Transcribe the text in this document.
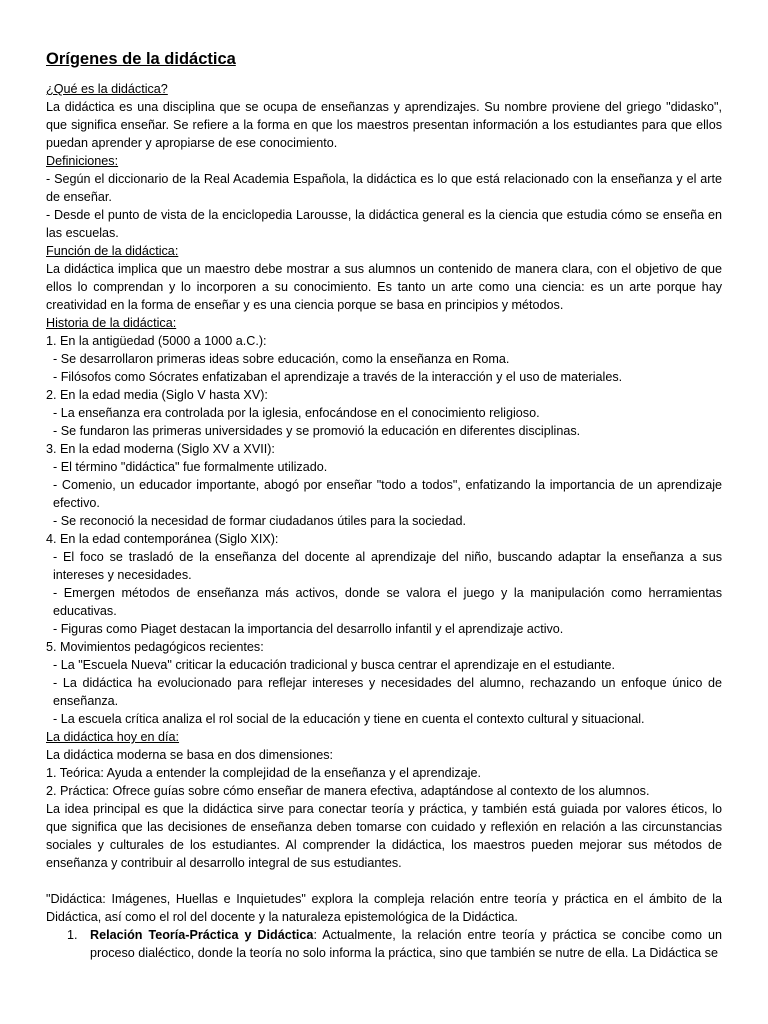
Orígenes de la didáctica

¿Qué es la didáctica?

La didáctica es una disciplina que se ocupa de enseñanzas y aprendizajes. Su nombre proviene del griego "didasko", que significa enseñar. Se refiere a la forma en que los maestros presentan información a los estudiantes para que ellos puedan aprender y apropiarse de ese conocimiento.

Definiciones:

- Según el diccionario de la Real Academia Española, la didáctica es lo que está relacionado con la enseñanza y el arte de enseñar.

- Desde el punto de vista de la enciclopedia Larousse, la didáctica general es la ciencia que estudia cómo se enseña en las escuelas.

Función de la didáctica:

La didáctica implica que un maestro debe mostrar a sus alumnos un contenido de manera clara, con el objetivo de que ellos lo comprendan y lo incorporen a su conocimiento. Es tanto un arte como una ciencia: es un arte porque hay creatividad en la forma de enseñar y es una ciencia porque se basa en principios y métodos.

Historia de la didáctica:

1. En la antigüedad (5000 a 1000 a.C.):

- Se desarrollaron primeras ideas sobre educación, como la enseñanza en Roma.

- Filósofos como Sócrates enfatizaban el aprendizaje a través de la interacción y el uso de materiales.

2. En la edad media (Siglo V hasta XV):

- La enseñanza era controlada por la iglesia, enfocándose en el conocimiento religioso.

- Se fundaron las primeras universidades y se promovió la educación en diferentes disciplinas.

3. En la edad moderna (Siglo XV a XVII):

- El término "didáctica" fue formalmente utilizado.

- Comenio, un educador importante, abogó por enseñar "todo a todos", enfatizando la importancia de un aprendizaje efectivo.

- Se reconoció la necesidad de formar ciudadanos útiles para la sociedad.

4. En la edad contemporánea (Siglo XIX):

- El foco se trasladó de la enseñanza del docente al aprendizaje del niño, buscando adaptar la enseñanza a sus intereses y necesidades.

- Emergen métodos de enseñanza más activos, donde se valora el juego y la manipulación como herramientas educativas.

- Figuras como Piaget destacan la importancia del desarrollo infantil y el aprendizaje activo.

5. Movimientos pedagógicos recientes:

- La "Escuela Nueva" criticar la educación tradicional y busca centrar el aprendizaje en el estudiante.

- La didáctica ha evolucionado para reflejar intereses y necesidades del alumno, rechazando un enfoque único de enseñanza.

- La escuela crítica analiza el rol social de la educación y tiene en cuenta el contexto cultural y situacional.

La didáctica hoy en día:

La didáctica moderna se basa en dos dimensiones:

1. Teórica: Ayuda a entender la complejidad de la enseñanza y el aprendizaje.

2. Práctica: Ofrece guías sobre cómo enseñar de manera efectiva, adaptándose al contexto de los alumnos.

La idea principal es que la didáctica sirve para conectar teoría y práctica, y también está guiada por valores éticos, lo que significa que las decisiones de enseñanza deben tomarse con cuidado y reflexión en relación a las circunstancias sociales y culturales de los estudiantes. Al comprender la didáctica, los maestros pueden mejorar sus métodos de enseñanza y contribuir al desarrollo integral de sus estudiantes.

"Didáctica: Imágenes, Huellas e Inquietudes" explora la compleja relación entre teoría y práctica en el ámbito de la Didáctica, así como el rol del docente y la naturaleza epistemológica de la Didáctica.

1. Relación Teoría-Práctica y Didáctica: Actualmente, la relación entre teoría y práctica se concibe como un proceso dialéctico, donde la teoría no solo informa la práctica, sino que también se nutre de ella. La Didáctica se
